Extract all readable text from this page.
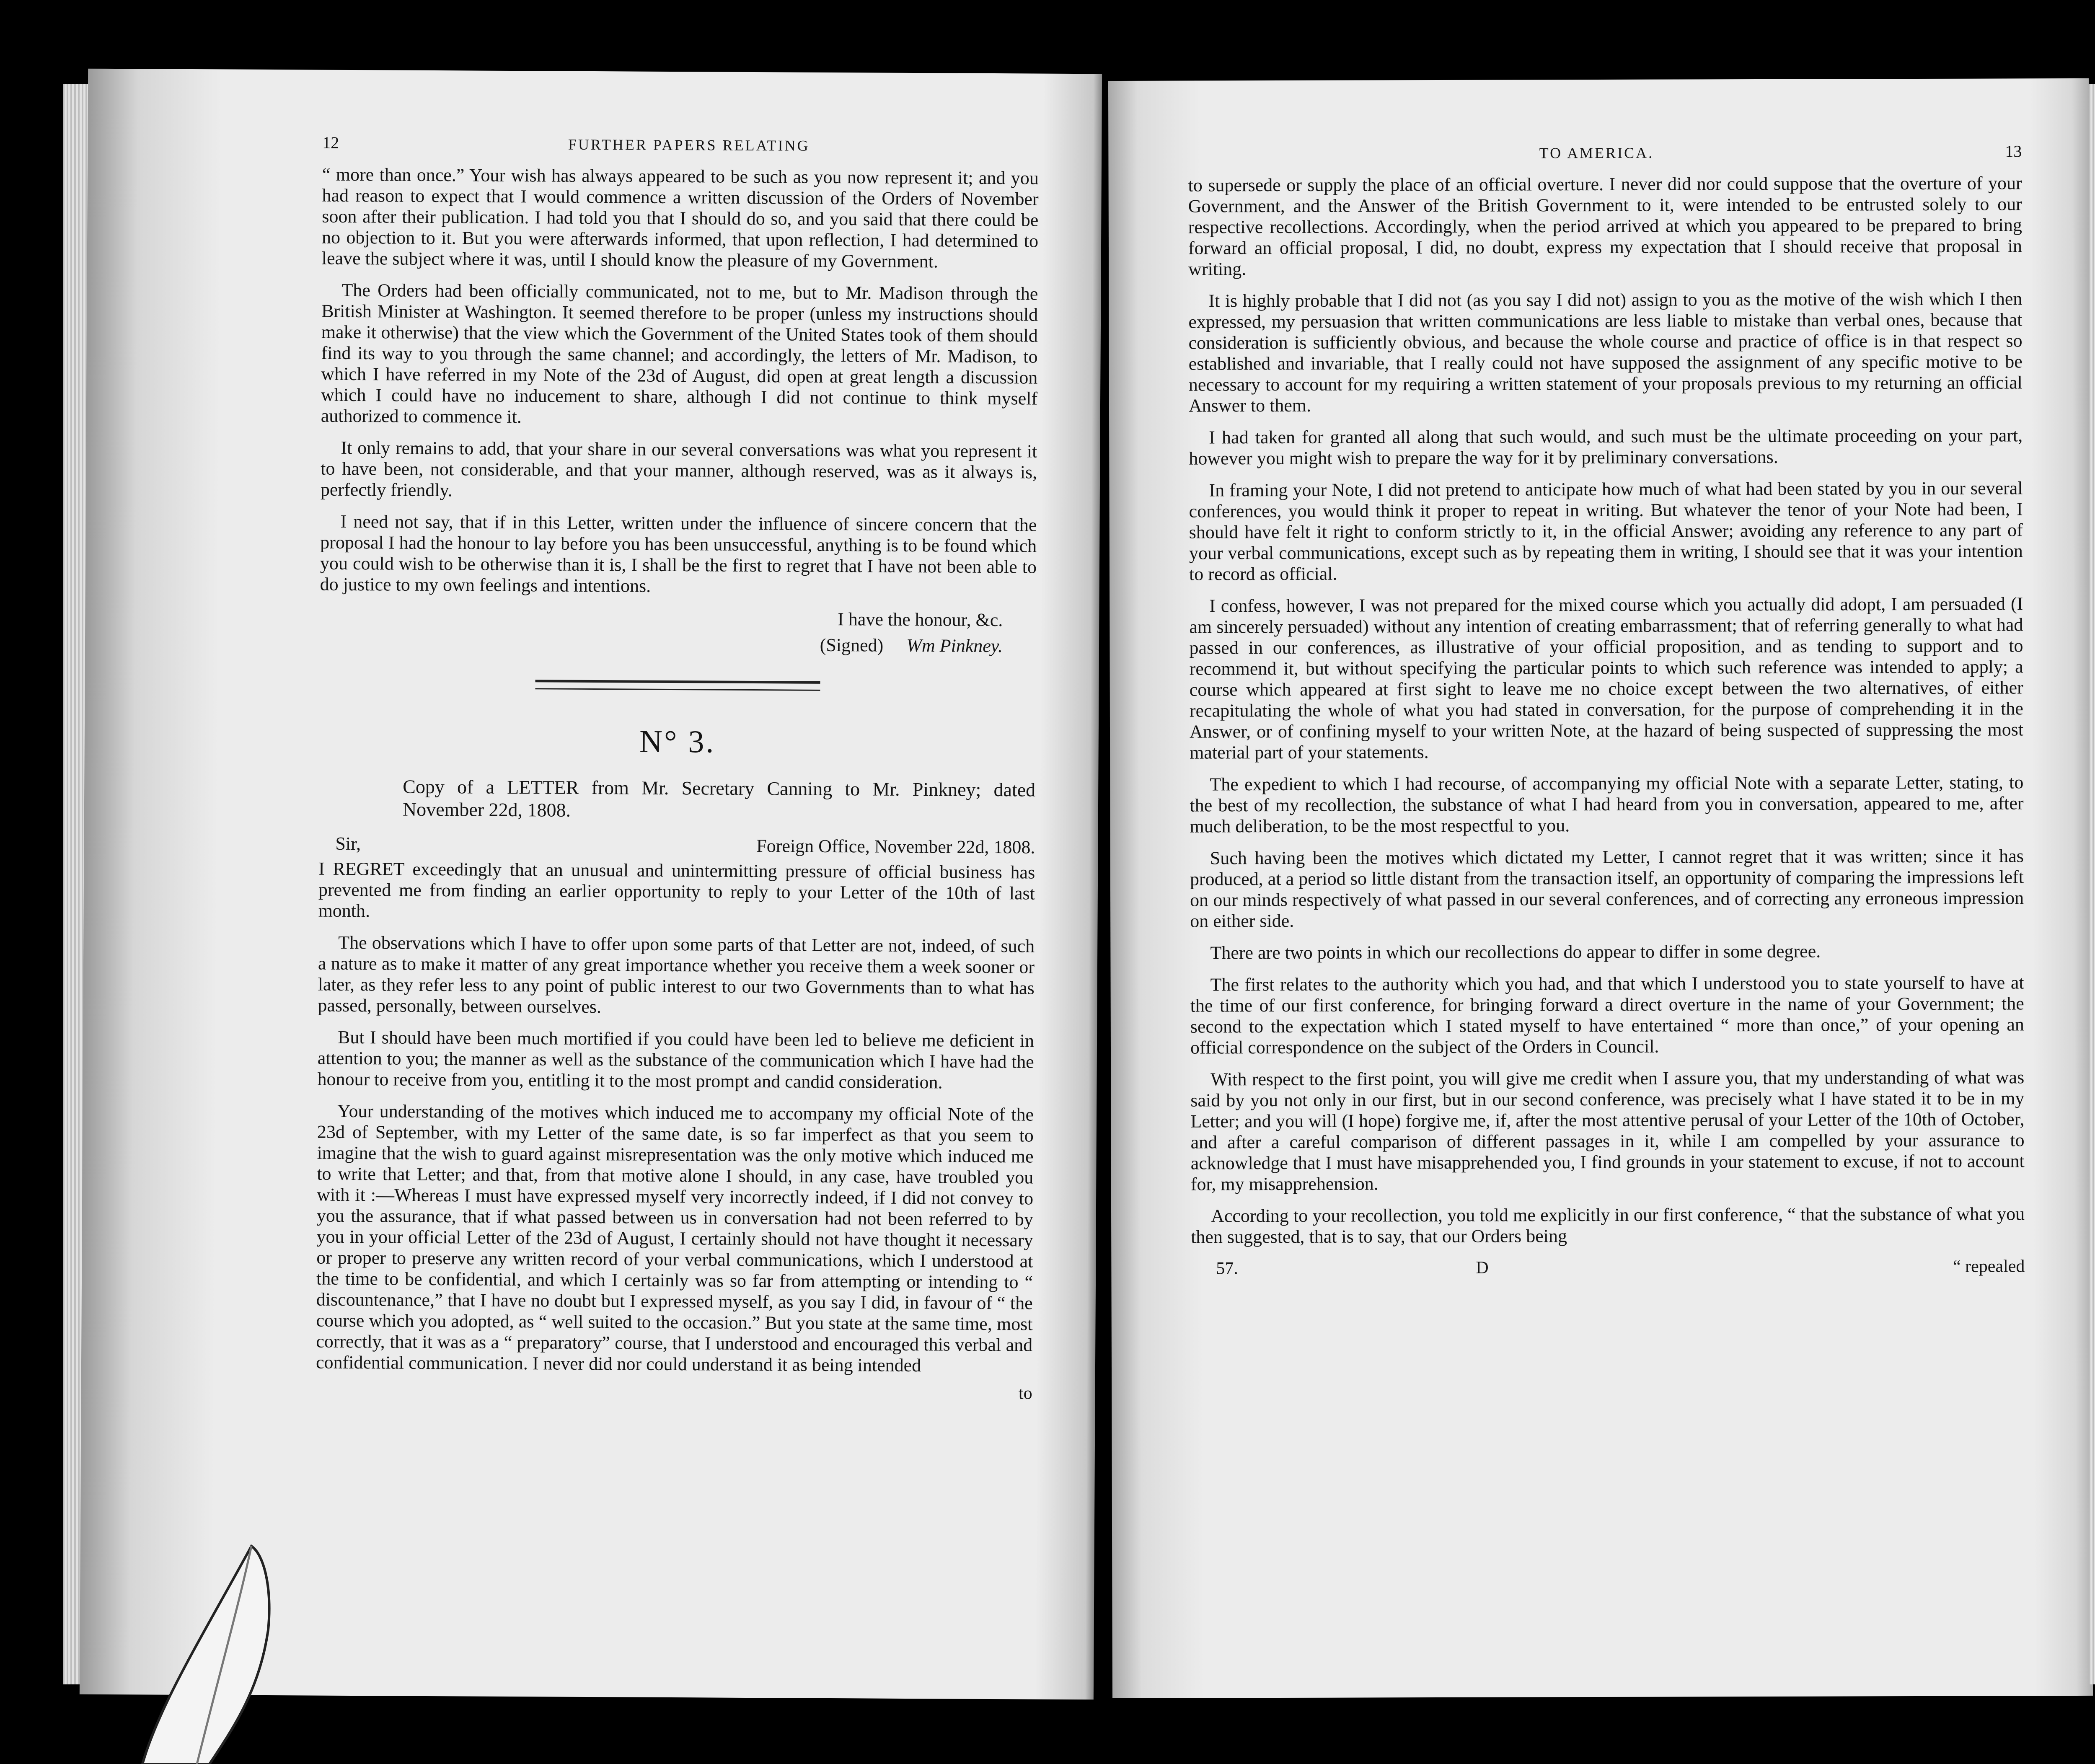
12	FURTHER PAPERS RELATING

“ more than once.” Your wish has always appeared to be such as you now represent it; and you had reason to expect that I would commence a written discussion of the Orders of November soon after their publication. I had told you that I should do so, and you said that there could be no objection to it. But you were afterwards informed, that upon reflection, I had determined to leave the subject where it was, until I should know the pleasure of my Government.

The Orders had been officially communicated, not to me, but to Mr. Madison through the British Minister at Washington. It seemed therefore to be proper (unless my instructions should make it otherwise) that the view which the Government of the United States took of them should find its way to you through the same channel; and accordingly, the letters of Mr. Madison, to which I have referred in my Note of the 23d of August, did open at great length a discussion which I could have no inducement to share, although I did not continue to think myself authorized to commence it.

It only remains to add, that your share in our several conversations was what you represent it to have been, not considerable, and that your manner, although reserved, was as it always is, perfectly friendly.

I need not say, that if in this Letter, written under the influence of sincere concern that the proposal I had the honour to lay before you has been unsuccessful, anything is to be found which you could wish to be otherwise than it is, I shall be the first to regret that I have not been able to do justice to my own feelings and intentions.

I have the honour, &c.
(Signed) Wm Pinkney.
N° 3.
Copy of a LETTER from Mr. Secretary Canning to Mr. Pinkney; dated November 22d, 1808.
Sir,	Foreign Office, November 22d, 1808.

I REGRET exceedingly that an unusual and unintermitting pressure of official business has prevented me from finding an earlier opportunity to reply to your Letter of the 10th of last month.

The observations which I have to offer upon some parts of that Letter are not, indeed, of such a nature as to make it matter of any great importance whether you receive them a week sooner or later, as they refer less to any point of public interest to our two Governments than to what has passed, personally, between ourselves.

But I should have been much mortified if you could have been led to believe me deficient in attention to you; the manner as well as the substance of the communication which I have had the honour to receive from you, entitling it to the most prompt and candid consideration.

Your understanding of the motives which induced me to accompany my official Note of the 23d of September, with my Letter of the same date, is so far imperfect as that you seem to imagine that the wish to guard against misrepresentation was the only motive which induced me to write that Letter; and that, from that motive alone I should, in any case, have troubled you with it :—Whereas I must have expressed myself very incorrectly indeed, if I did not convey to you the assurance, that if what passed between us in conversation had not been referred to by you in your official Letter of the 23d of August, I certainly should not have thought it necessary or proper to preserve any written record of your verbal communications, which I understood at the time to be confidential, and which I certainly was so far from attempting or intending to “ discountenance,” that I have no doubt but I expressed myself, as you say I did, in favour of “ the course which you adopted, as “ well suited to the occasion.” But you state at the same time, most correctly, that it was as a “ preparatory” course, that I understood and encouraged this verbal and confidential communication. I never did nor could understand it as being intended

to
TO AMERICA.	13

to supersede or supply the place of an official overture. I never did nor could suppose that the overture of your Government, and the Answer of the British Government to it, were intended to be entrusted solely to our respective recollections. Accordingly, when the period arrived at which you appeared to be prepared to bring forward an official proposal, I did, no doubt, express my expectation that I should receive that proposal in writing.

It is highly probable that I did not (as you say I did not) assign to you as the motive of the wish which I then expressed, my persuasion that written communications are less liable to mistake than verbal ones, because that consideration is sufficiently obvious, and because the whole course and practice of office is in that respect so established and invariable, that I really could not have supposed the assignment of any specific motive to be necessary to account for my requiring a written statement of your proposals previous to my returning an official Answer to them.

I had taken for granted all along that such would, and such must be the ultimate proceeding on your part, however you might wish to prepare the way for it by preliminary conversations.

In framing your Note, I did not pretend to anticipate how much of what had been stated by you in our several conferences, you would think it proper to repeat in writing. But whatever the tenor of your Note had been, I should have felt it right to conform strictly to it, in the official Answer; avoiding any reference to any part of your verbal communications, except such as by repeating them in writing, I should see that it was your intention to record as official.

I confess, however, I was not prepared for the mixed course which you actually did adopt, I am persuaded (I am sincerely persuaded) without any intention of creating embarrassment; that of referring generally to what had passed in our conferences, as illustrative of your official proposition, and as tending to support and to recommend it, but without specifying the particular points to which such reference was intended to apply; a course which appeared at first sight to leave me no choice except between the two alternatives, of either recapitulating the whole of what you had stated in conversation, for the purpose of comprehending it in the Answer, or of confining myself to your written Note, at the hazard of being suspected of suppressing the most material part of your statements.

The expedient to which I had recourse, of accompanying my official Note with a separate Letter, stating, to the best of my recollection, the substance of what I had heard from you in conversation, appeared to me, after much deliberation, to be the most respectful to you.

Such having been the motives which dictated my Letter, I cannot regret that it was written; since it has produced, at a period so little distant from the transaction itself, an opportunity of comparing the impressions left on our minds respectively of what passed in our several conferences, and of correcting any erroneous impression on either side.

There are two points in which our recollections do appear to differ in some degree.

The first relates to the authority which you had, and that which I understood you to state yourself to have at the time of our first conference, for bringing forward a direct overture in the name of your Government; the second to the expectation which I stated myself to have entertained “ more than once,” of your opening an official correspondence on the subject of the Orders in Council.

With respect to the first point, you will give me credit when I assure you, that my understanding of what was said by you not only in our first, but in our second conference, was precisely what I have stated it to be in my Letter; and you will (I hope) forgive me, if, after the most attentive perusal of your Letter of the 10th of October, and after a careful comparison of different passages in it, while I am compelled by your assurance to acknowledge that I must have misapprehended you, I find grounds in your statement to excuse, if not to account for, my misapprehension.

According to your recollection, you told me explicitly in our first conference, “ that the substance of what you then suggested, that is to say, that our Orders being

57.	D	“ repealed
